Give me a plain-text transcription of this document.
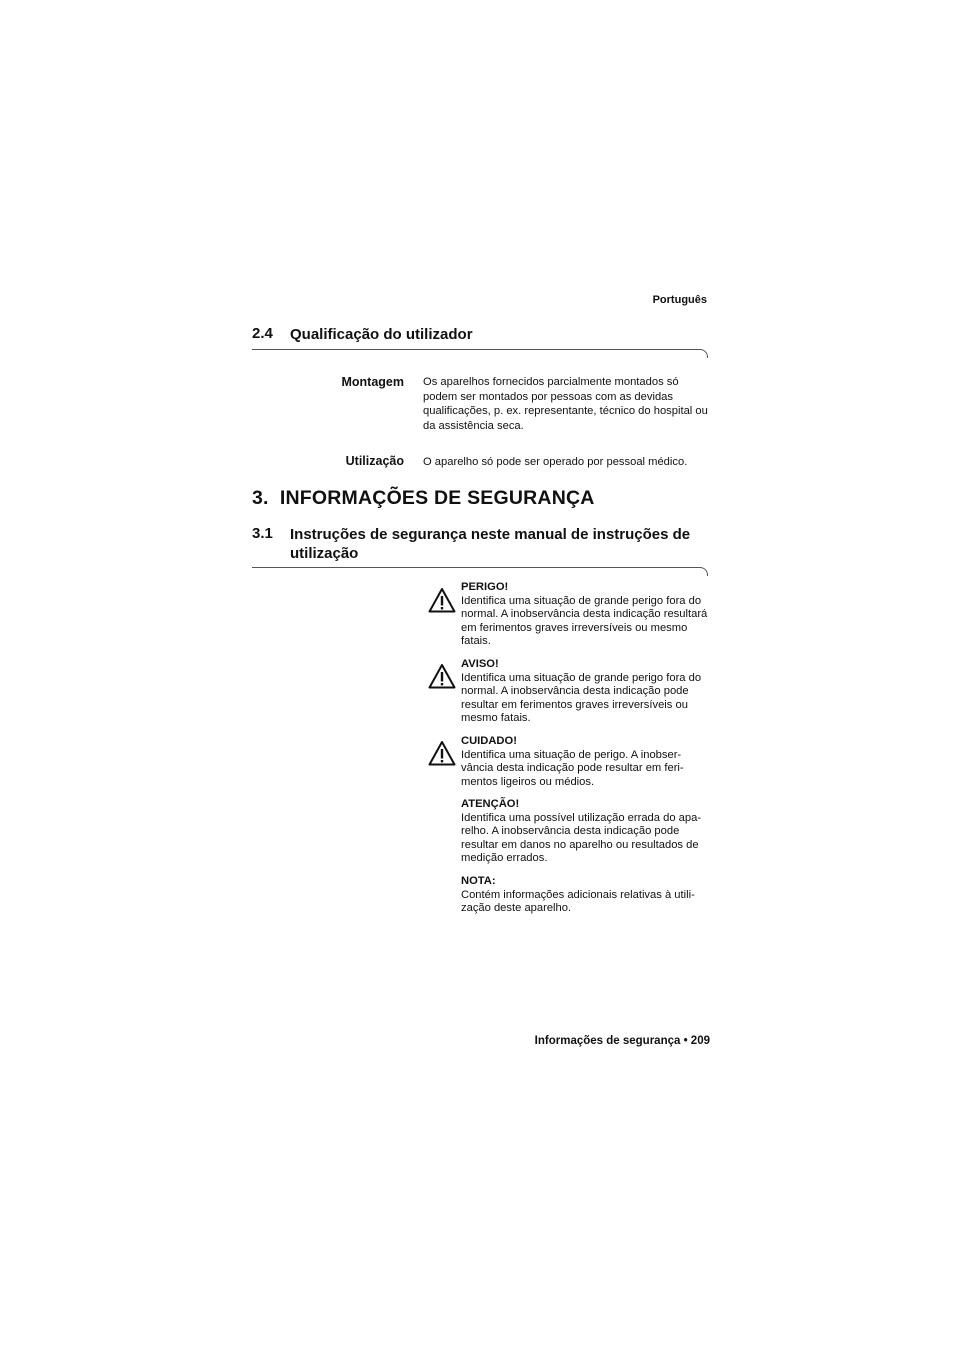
Português
2.4 Qualificação do utilizador
Montagem Os aparelhos fornecidos parcialmente montados só podem ser montados por pessoas com as devidas qualificações, p. ex. representante, técnico do hospital ou da assistência seca.
Utilização O aparelho só pode ser operado por pessoal médico.
3.  INFORMAÇÕES DE SEGURANÇA
3.1 Instruções de segurança neste manual de instruções de utilização
PERIGO!
Identifica uma situação de grande perigo fora do normal. A inobservância desta indicação resultará em ferimentos graves irreversíveis ou mesmo fatais.
AVISO!
Identifica uma situação de grande perigo fora do normal. A inobservância desta indicação pode resultar em ferimentos graves irreversíveis ou mesmo fatais.
CUIDADO!
Identifica uma situação de perigo. A inobser-vância desta indicação pode resultar em feri-mentos ligeiros ou médios.
ATENÇÃO!
Identifica uma possível utilização errada do apa-relho. A inobservância desta indicação pode resultar em danos no aparelho ou resultados de medição errados.
NOTA:
Contém informações adicionais relativas à utili-zação deste aparelho.
Informações de segurança • 209
